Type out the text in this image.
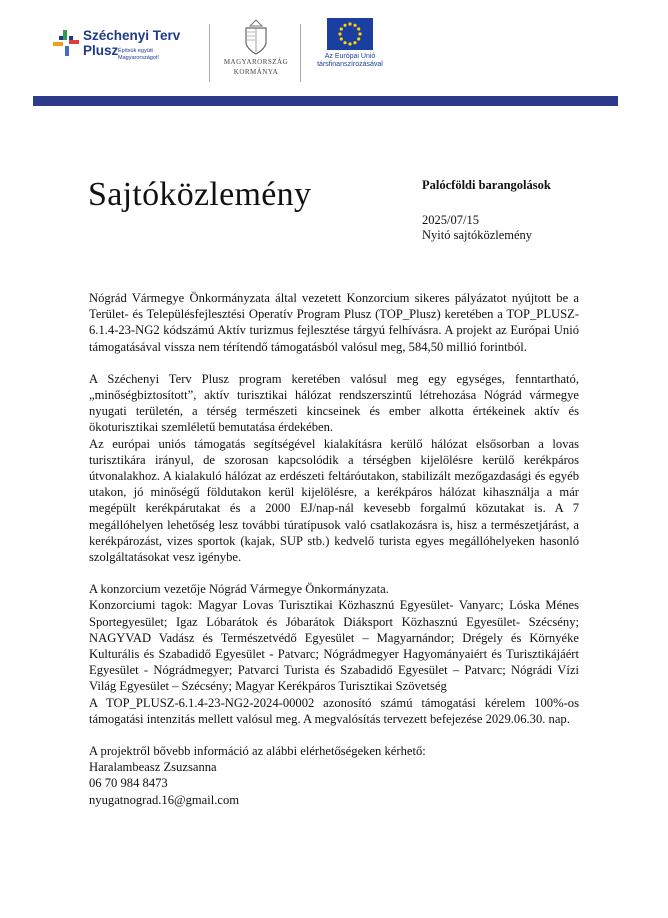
Széchenyi Terv
Plusz Építsük együtt Magyarországot!	MAGYARORSZÁG
KORMÁNYA
Az Európai Unió
társfinanszírozásával
Sajtóközlemény	Palócföldi barangolások
2025/07/15
Nyitó sajtóközlemény

Nógrád Vármegye Önkormányzata által vezetett Konzorcium sikeres pályázatot nyújtott be a Terület- és Településfejlesztési Operatív Program Plusz (TOP_Plusz) keretében a TOP_PLUSZ-6.1.4-23-NG2 kódszámú Aktív turizmus fejlesztése tárgyú felhívásra. A projekt az Európai Unió támogatásával vissza nem térítendő támogatásból valósul meg, 584,50 millió forintból.

A Széchenyi Terv Plusz program keretében valósul meg egy egységes, fenntartható, „minőségbiztosított”, aktív turisztikai hálózat rendszerszintű létrehozása Nógrád vármegye nyugati területén, a térség természeti kincseinek és ember alkotta értékeinek aktív és ökoturisztikai szemléletű bemutatása érdekében.

Az európai uniós támogatás segítségével kialakításra kerülő hálózat elsősorban a lovas turisztikára irányul, de szorosan kapcsolódik a térségben kijelölésre kerülő kerékpáros útvonalakhoz. A kialakuló hálózat az erdészeti feltáróutakon, stabilizált mezőgazdasági és egyéb utakon, jó minőségű földutakon kerül kijelölésre, a kerékpáros hálózat kihasználja a már megépült kerékpárutakat és a 2000 EJ/nap-nál kevesebb forgalmú közutakat is. A 7 megállóhelyen lehetőség lesz további túratípusok való csatlakozásra is, hisz a természetjárást, a kerékpározást, vizes sportok (kajak, SUP stb.) kedvelő turista egyes megállóhelyeken hasonló szolgáltatásokat vesz igénybe.

A konzorcium vezetője Nógrád Vármegye Önkormányzata.

Konzorciumi tagok: Magyar Lovas Turisztikai Közhasznú Egyesület- Vanyarc; Lóska Ménes Sportegyesület; Igaz Lóbarátok és Jóbarátok Diáksport Közhasznú Egyesület- Szécsény; NAGYVAD Vadász és Természetvédő Egyesület – Magyarnándor; Drégely és Környéke Kulturális és Szabadidő Egyesület - Patvarc; Nógrádmegyer Hagyományaiért és Turisztikájáért Egyesület - Nógrádmegyer; Patvarci Turista és Szabadidő Egyesület – Patvarc; Nógrádi Vízi Világ Egyesület – Szécsény; Magyar Kerékpáros Turisztikai Szövetség

A TOP_PLUSZ-6.1.4-23-NG2-2024-00002 azonosító számú támogatási kérelem 100%-os támogatási intenzitás mellett valósul meg. A megvalósítás tervezett befejezése 2029.06.30. nap.

A projektről bővebb információ az alábbi elérhetőségeken kérhető:

Haralambeasz Zsuzsanna

06 70 984 8473

nyugatnograd.16@gmail.com
